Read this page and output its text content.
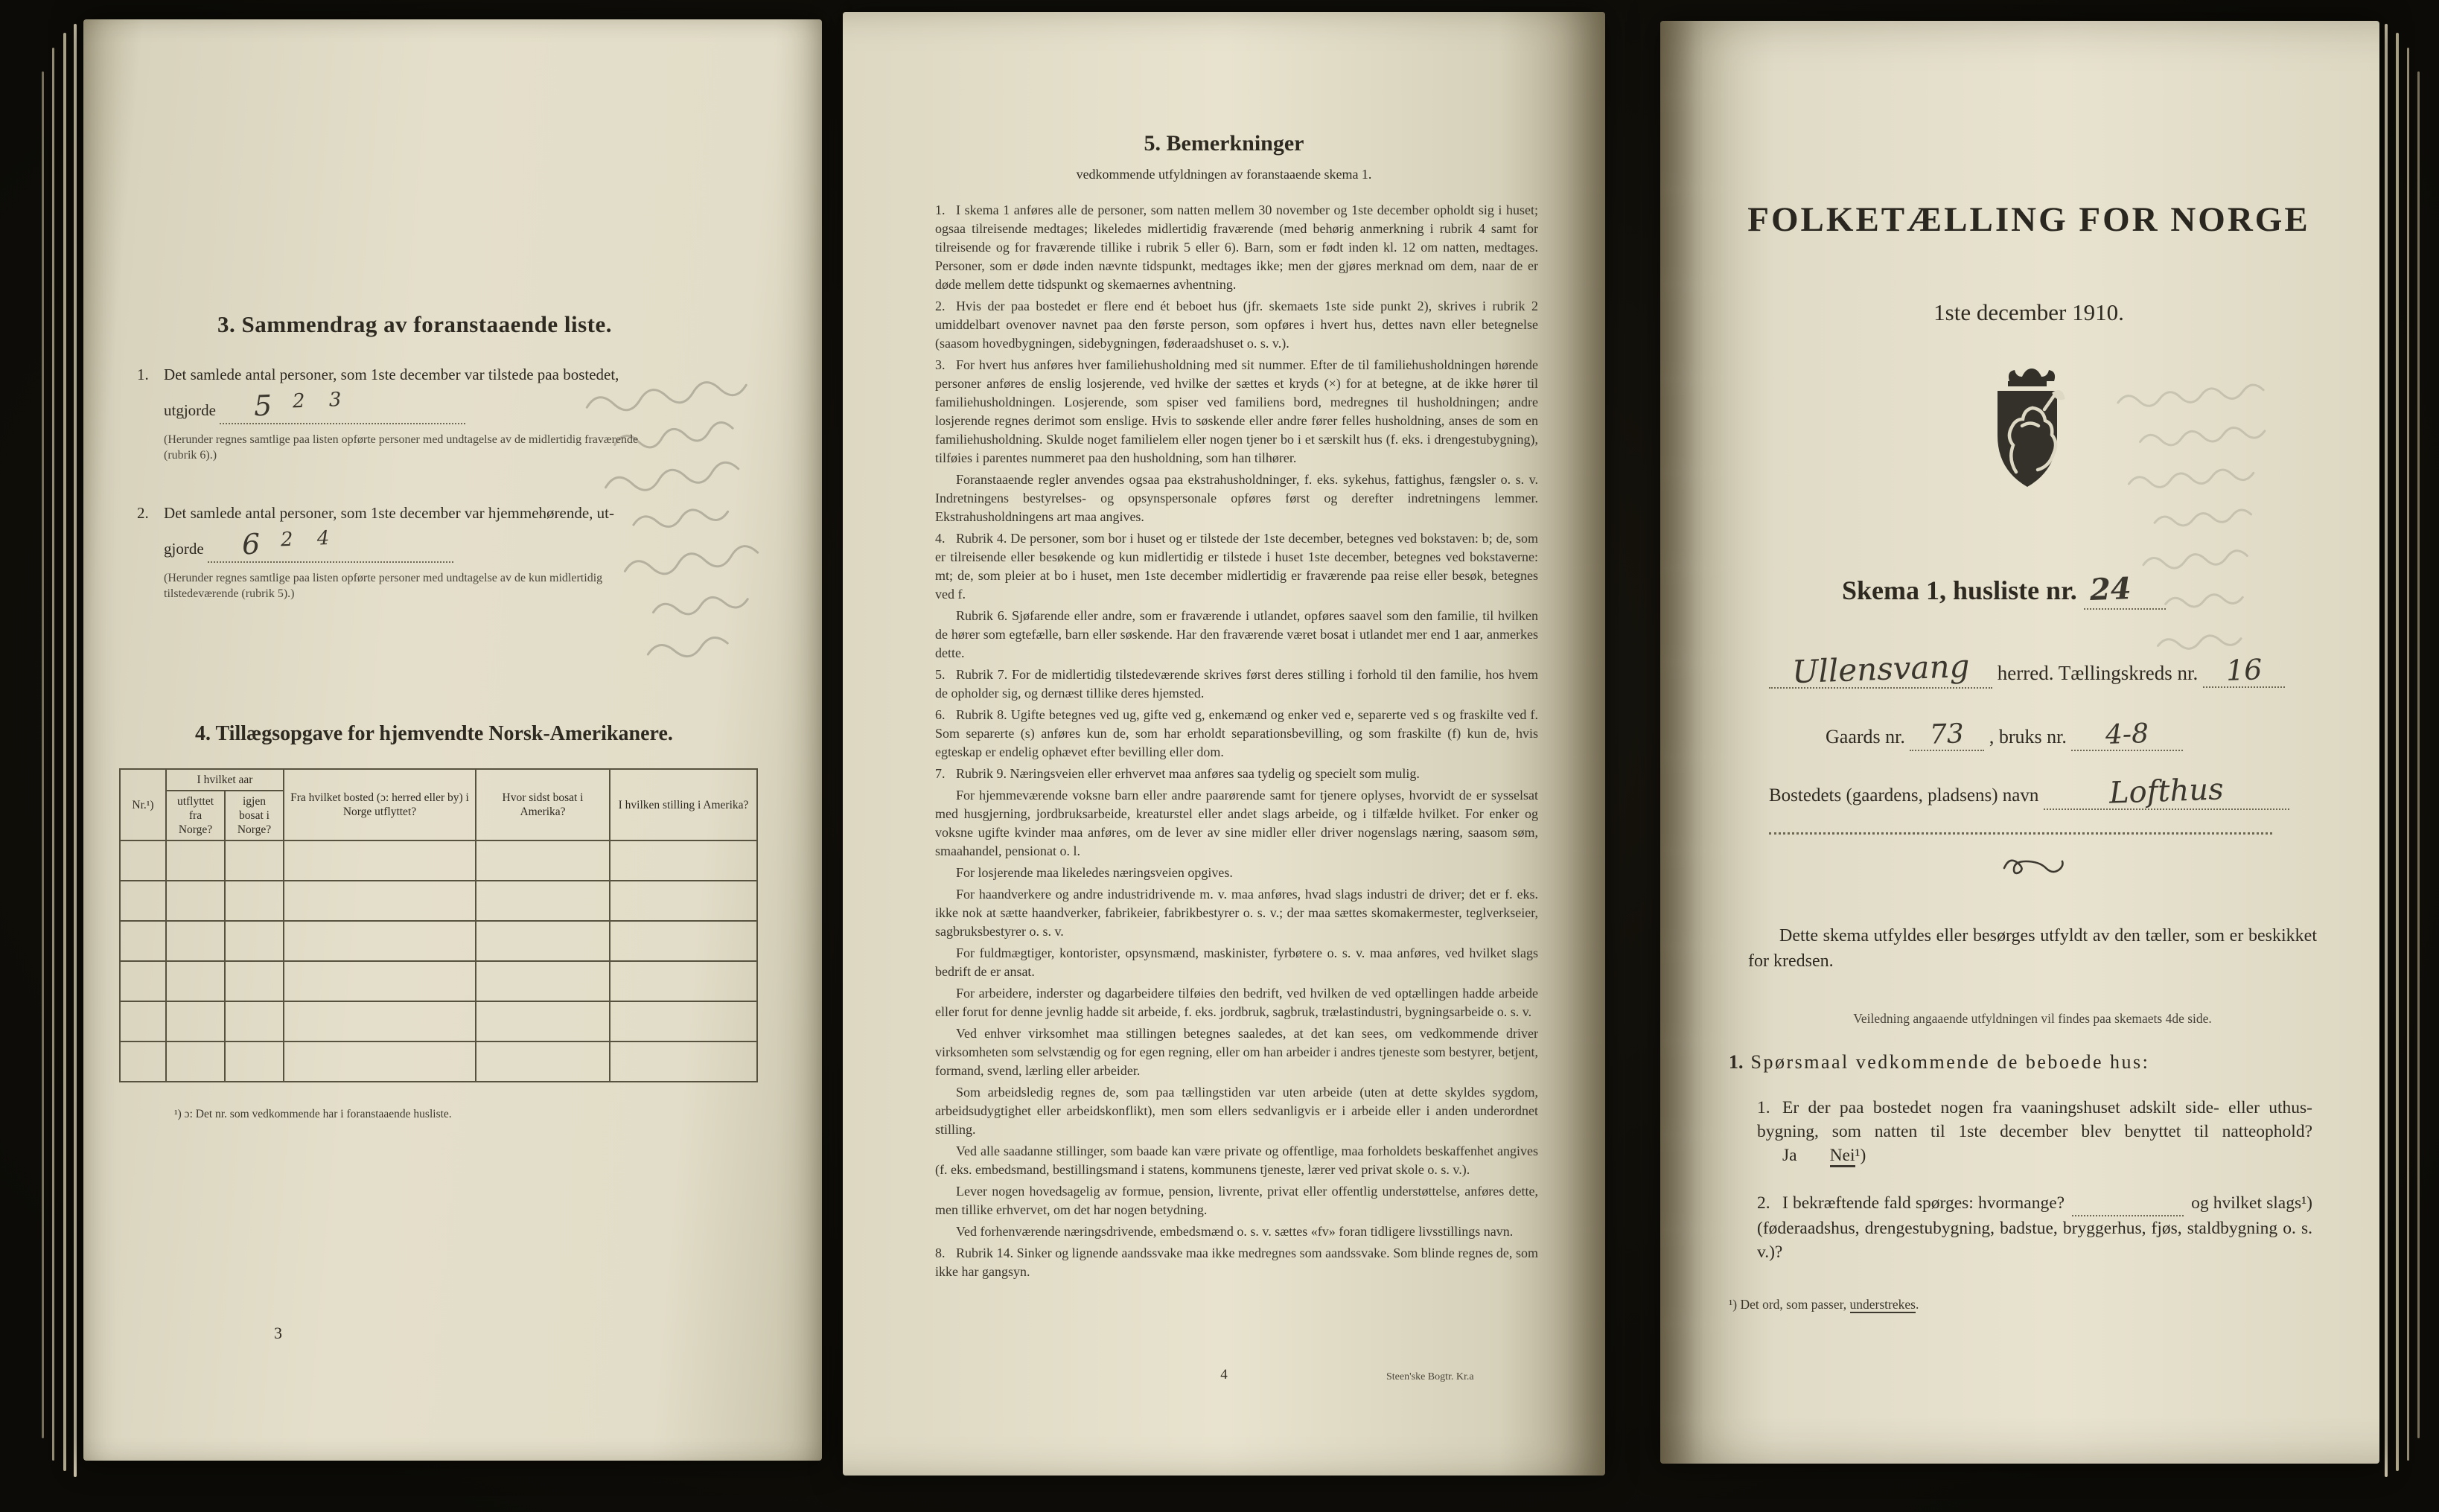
3. Sammendrag av foranstaaende liste.
1. Det samlede antal personer, som 1ste december var tilstede paa bostedet,
utgjorde 5 2 3

(Herunder regnes samtlige paa listen opførte personer med undtagelse av de midlertidig fraværende (rubrik 6).)

2. Det samlede antal personer, som 1ste december var hjemmehørende, ut-
gjorde 6 2 4

(Herunder regnes samtlige paa listen opførte personer med undtagelse av de kun midlertidig tilstedeværende (rubrik 5).)

4. Tillægsopgave for hjemvendte Norsk-Amerikanere.
Nr.¹)	I hvilket aar		Fra hvilket bosted (ɔ: herred eller by) i Norge utflyttet?	Hvor sidst bosat i Amerika?	I hvilken stilling i Amerika?
	utflyttet fra Norge?	igjen bosat i Norge?			

¹) ɔ: Det nr. som vedkommende har i foranstaaende husliste.
3
5. Bemerkninger
vedkommende utfyldningen av foranstaaende skema 1.

1. I skema 1 anføres alle de personer, som natten mellem 30 november og 1ste december opholdt sig i huset; ogsaa tilreisende medtages; likeledes midlertidig fraværende (med behørig anmerkning i rubrik 4 samt for tilreisende og for fraværende tillike i rubrik 5 eller 6). Barn, som er født inden kl. 12 om natten, medtages. Personer, som er døde inden nævnte tidspunkt, medtages ikke; men der gjøres merknad om dem, naar de er døde mellem dette tidspunkt og skemaernes avhentning.

2. Hvis der paa bostedet er flere end ét beboet hus (jfr. skemaets 1ste side punkt 2), skrives i rubrik 2 umiddelbart ovenover navnet paa den første person, som opføres i hvert hus, dettes navn eller betegnelse (saasom hovedbygningen, sidebygningen, føderaadshuset o. s. v.).

3. For hvert hus anføres hver familiehusholdning med sit nummer. Efter de til familiehusholdningen hørende personer anføres de enslig losjerende, ved hvilke der sættes et kryds (×) for at betegne, at de ikke hører til familiehusholdningen. Losjerende, som spiser ved familiens bord, medregnes til husholdningen; andre losjerende regnes derimot som enslige. Hvis to søskende eller andre fører felles husholdning, anses de som en familiehusholdning. Skulde noget familielem eller nogen tjener bo i et særskilt hus (f. eks. i drengestubygning), tilføies i parentes nummeret paa den husholdning, som han tilhører.

Foranstaaende regler anvendes ogsaa paa ekstrahusholdninger, f. eks. sykehus, fattighus, fængsler o. s. v. Indretningens bestyrelses- og opsynspersonale opføres først og derefter indretningens lemmer. Ekstrahusholdningens art maa angives.

4. Rubrik 4. De personer, som bor i huset og er tilstede der 1ste december, betegnes ved bokstaven: b; de, som er tilreisende eller besøkende og kun midlertidig er tilstede i huset 1ste december, betegnes ved bokstaverne: mt; de, som pleier at bo i huset, men 1ste december midlertidig er fraværende paa reise eller besøk, betegnes ved f.

Rubrik 6. Sjøfarende eller andre, som er fraværende i utlandet, opføres saavel som den familie, til hvilken de hører som egtefælle, barn eller søskende. Har den fraværende været bosat i utlandet mer end 1 aar, anmerkes dette.

5. Rubrik 7. For de midlertidig tilstedeværende skrives først deres stilling i forhold til den familie, hos hvem de opholder sig, og dernæst tillike deres hjemsted.

6. Rubrik 8. Ugifte betegnes ved ug, gifte ved g, enkemænd og enker ved e, separerte ved s og fraskilte ved f. Som separerte (s) anføres kun de, som har erholdt separationsbevilling, og som fraskilte (f) kun de, hvis egteskap er endelig ophævet efter bevilling eller dom.

7. Rubrik 9. Næringsveien eller erhvervet maa anføres saa tydelig og specielt som mulig.

For hjemmeværende voksne barn eller andre paarørende samt for tjenere oplyses, hvorvidt de er sysselsat med husgjerning, jordbruksarbeide, kreaturstel eller andet slags arbeide, og i tilfælde hvilket. For enker og voksne ugifte kvinder maa anføres, om de lever av sine midler eller driver nogenslags næring, saasom søm, smaahandel, pensionat o. l.

For losjerende maa likeledes næringsveien opgives.

For haandverkere og andre industridrivende m. v. maa anføres, hvad slags industri de driver; det er f. eks. ikke nok at sætte haandverker, fabrikeier, fabrikbestyrer o. s. v.; der maa sættes skomakermester, teglverkseier, sagbruksbestyrer o. s. v.

For fuldmægtiger, kontorister, opsynsmænd, maskinister, fyrbøtere o. s. v. maa anføres, ved hvilket slags bedrift de er ansat.

For arbeidere, inderster og dagarbeidere tilføies den bedrift, ved hvilken de ved optællingen hadde arbeide eller forut for denne jevnlig hadde sit arbeide, f. eks. jordbruk, sagbruk, trælastindustri, bygningsarbeide o. s. v.

Ved enhver virksomhet maa stillingen betegnes saaledes, at det kan sees, om vedkommende driver virksomheten som selvstændig og for egen regning, eller om han arbeider i andres tjeneste som bestyrer, betjent, formand, svend, lærling eller arbeider.

Som arbeidsledig regnes de, som paa tællingstiden var uten arbeide (uten at dette skyldes sygdom, arbeidsudygtighet eller arbeidskonflikt), men som ellers sedvanligvis er i arbeide eller i anden underordnet stilling.

Ved alle saadanne stillinger, som baade kan være private og offentlige, maa forholdets beskaffenhet angives (f. eks. embedsmand, bestillingsmand i statens, kommunens tjeneste, lærer ved privat skole o. s. v.).

Lever nogen hovedsagelig av formue, pension, livrente, privat eller offentlig understøttelse, anføres dette, men tillike erhvervet, om det har nogen betydning.

Ved forhenværende næringsdrivende, embedsmænd o. s. v. sættes «fv» foran tidligere livsstillings navn.

8. Rubrik 14. Sinker og lignende aandssvake maa ikke medregnes som aandssvake. Som blinde regnes de, som ikke har gangsyn.

4	Steen'ske Bogtr. Kr.a
FOLKETÆLLING FOR NORGE
1ste december 1910.
Skema 1, husliste nr. 24
Ullensvang herred. Tællingskreds nr. 16
Gaards nr. 73 , bruks nr. 4-8
Bostedets (gaardens, pladsens) navn Lofthus

Dette skema utfyldes eller besørges utfyldt av den tæller, som er beskikket for kredsen.

Veiledning angaaende utfyldningen vil findes paa skemaets 4de side.
1. Spørsmaal vedkommende de beboede hus:
1. Er der paa bostedet nogen fra vaaningshuset adskilt side- eller uthus-bygning, som natten til 1ste december blev benyttet til natteophold?Ja Nei¹)
2. I bekræftende fald spørges: hvormange?	og hvilket slags¹) (føderaadshus, drengestubygning, badstue, bryggerhus, fjøs, staldbygning o. s. v.)?
¹) Det ord, som passer, understrekes.
